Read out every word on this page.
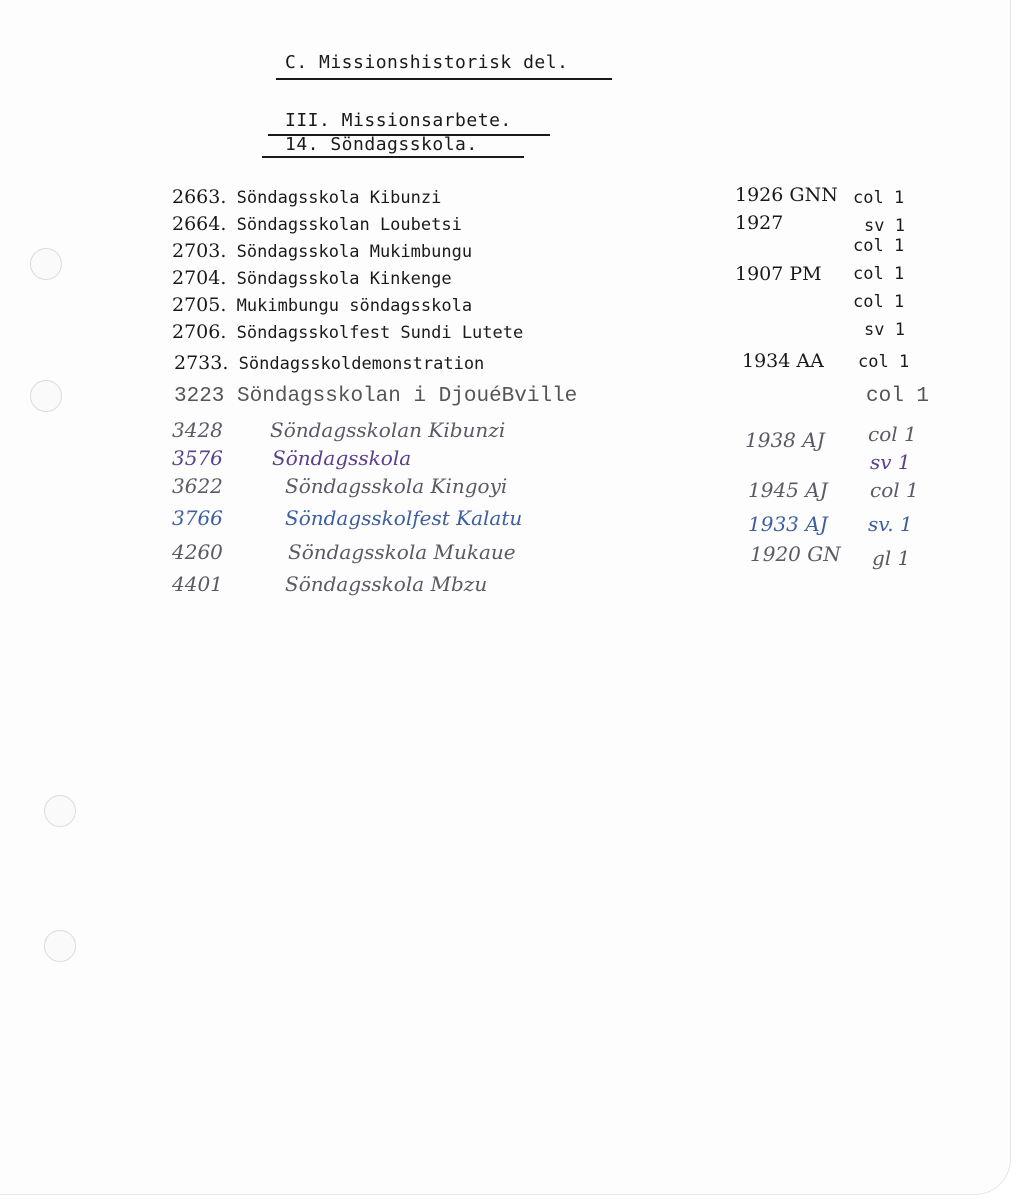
C. Missionshistorisk del.
III. Missionsarbete.
14. Söndagsskola.
2663. Söndagsskola Kibunzi	1926 GNN col 1
2664. Söndagsskolan Loubetsi	1927	sv 1
2703. Söndagsskola Mukimbungu	col 1
2704. Söndagsskola Kinkenge	1907 PM col 1
2705. Mukimbungu söndagsskola	col 1
2706. Söndagsskolfest Sundi Lutete	sv 1
2733. Söndagsskoldemonstration	1934 AA col 1
3223 Söndagsskolan i DjouéBville	col 1
3428 Söndagsskolan Kibunzi	1938 AJ col 1
3576 Söndagsskola	sv 1
3622	Söndagsskola Kingoyi	1945 AJ col 1
3766	Söndagsskolfest Kalatu	1933 AJ sv. 1
4260	Söndagsskola Mukaue	1920 GN gl 1
4401	Söndagsskola Mbzu
